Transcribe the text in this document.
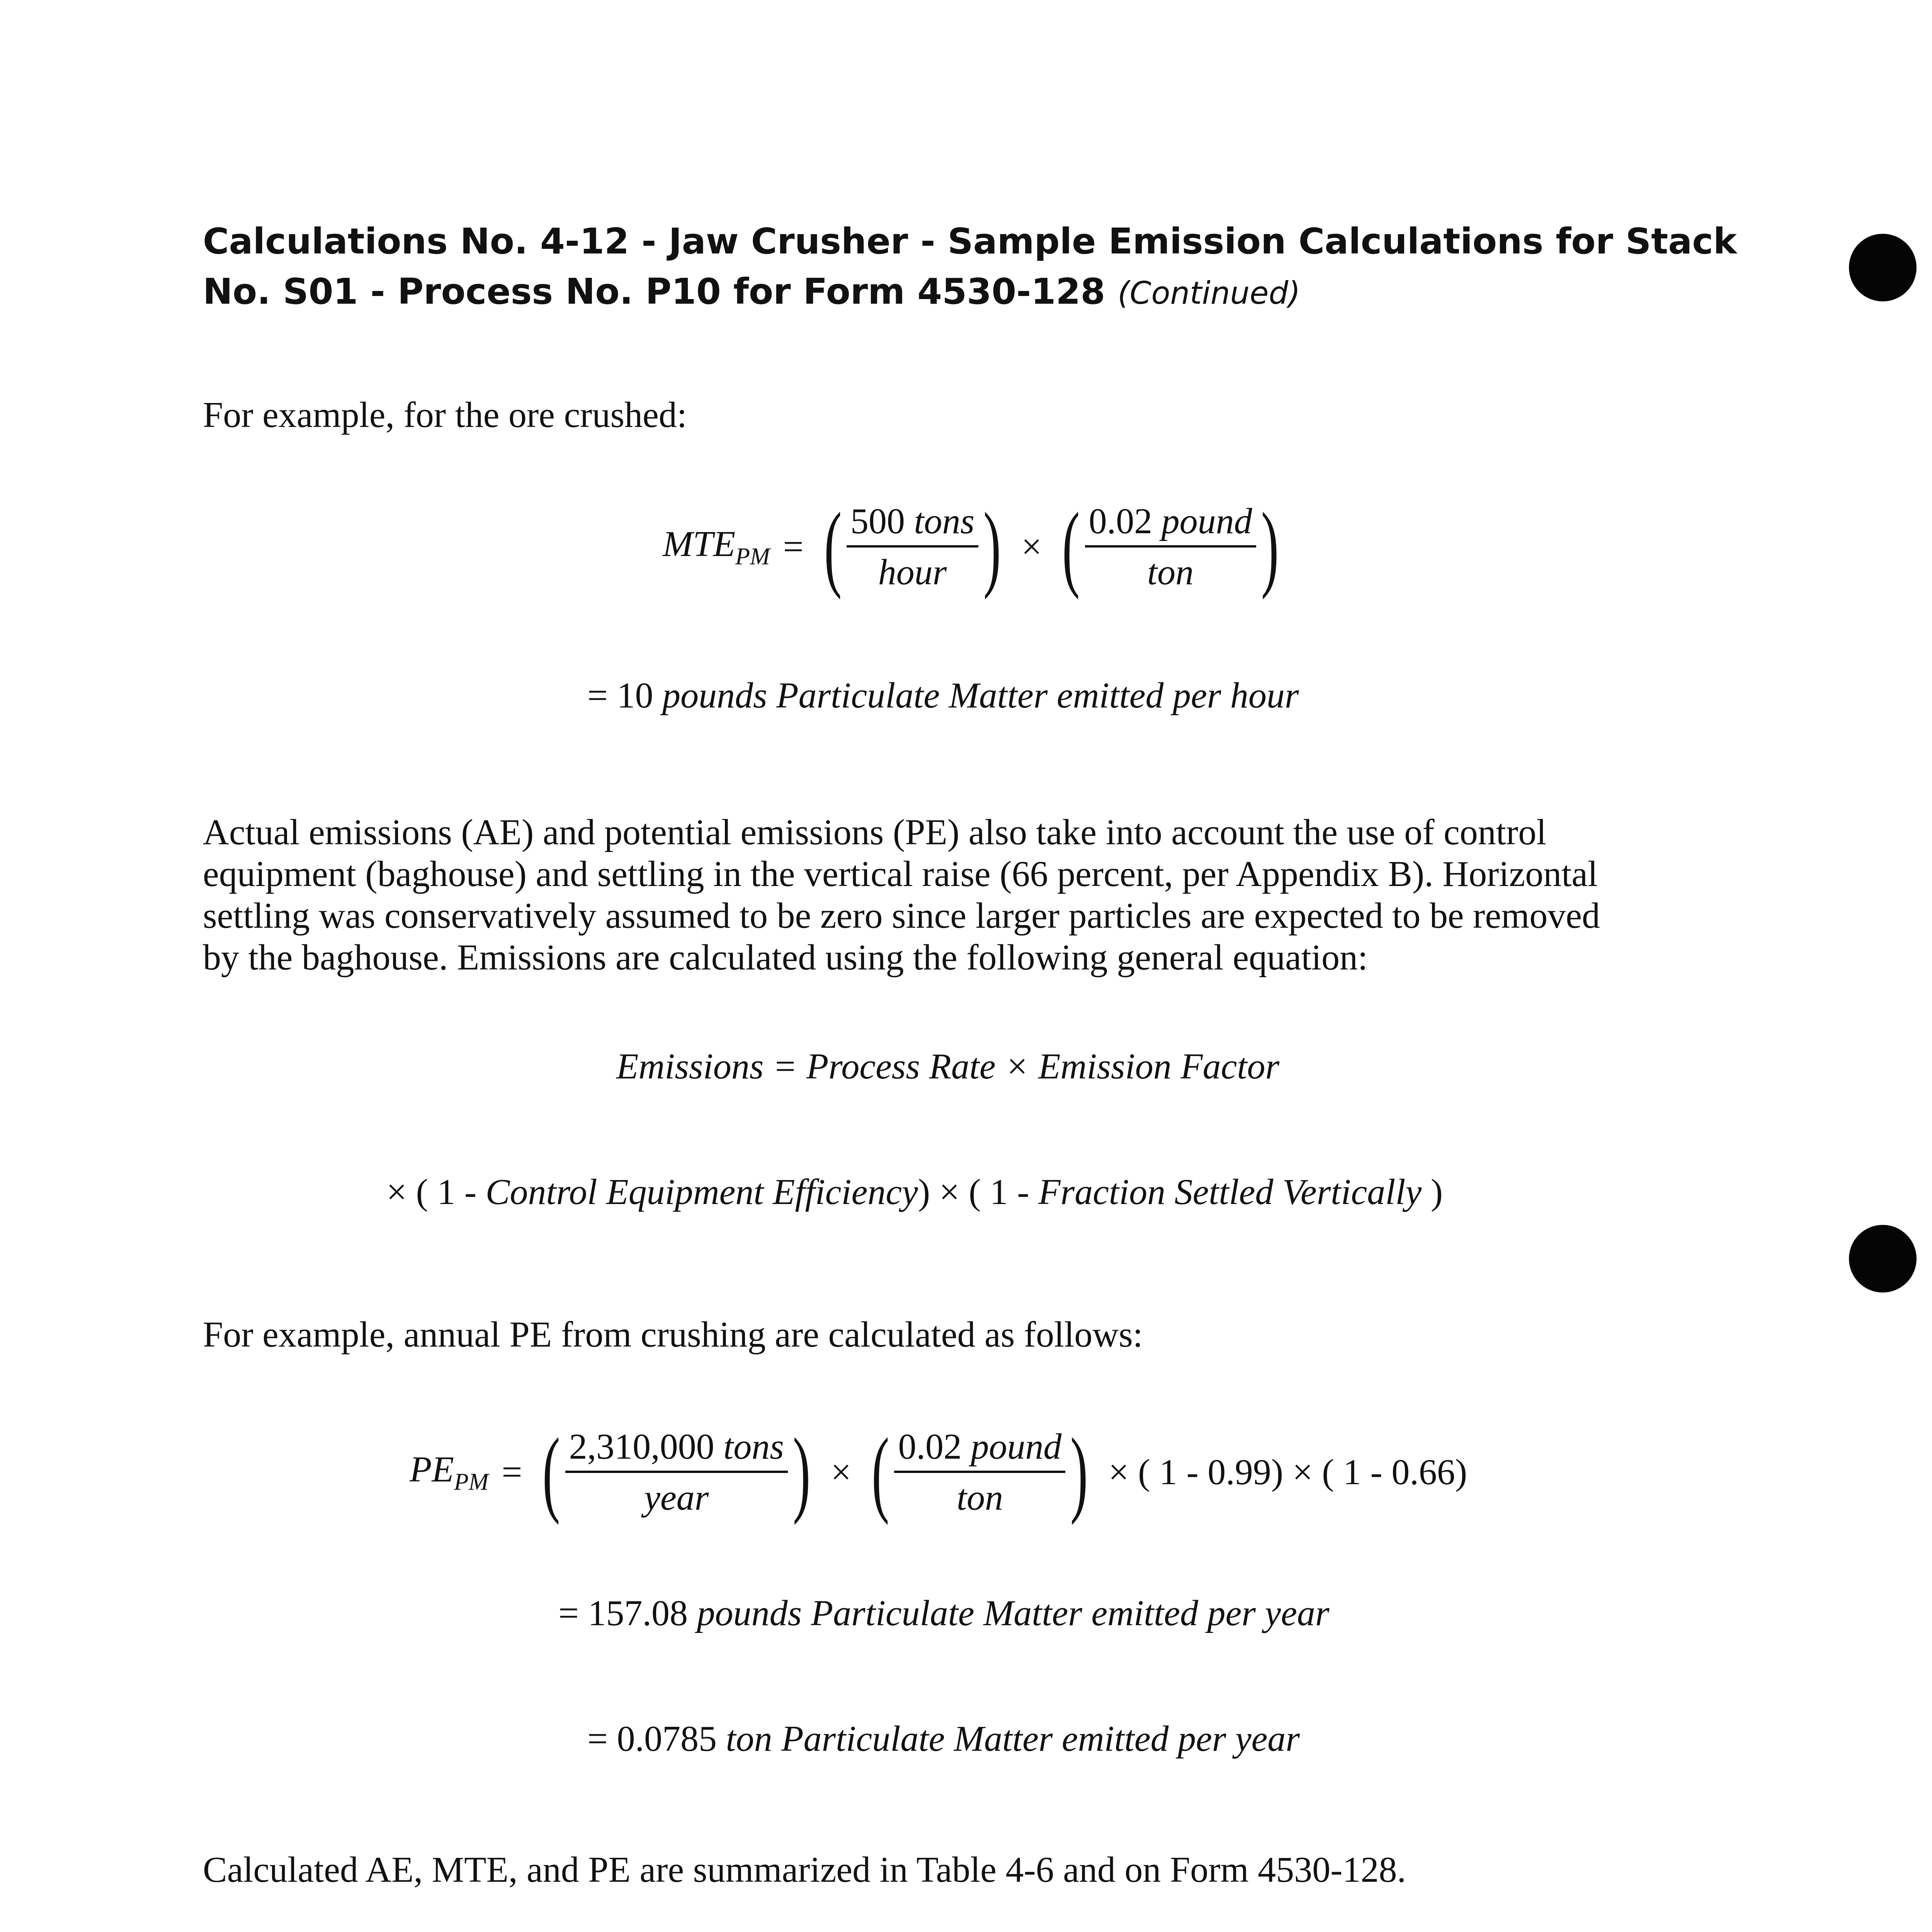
Calculations No. 4-12 - Jaw Crusher - Sample Emission Calculations for Stack
No. S01 - Process No. P10 for Form 4530-128 (Continued)
For example, for the ore crushed:
$MTE_{PM}$ = ( $\frac{\text{500 tons}}{\text{hour}}$ ) × ( $\frac{\text{0.02 pound}}{\text{ton}}$ )
= 10 pounds Particulate Matter emitted per hour
Actual emissions (AE) and potential emissions (PE) also take into account the use of control
equipment (baghouse) and settling in the vertical raise (66 percent, per Appendix B). Horizontal
settling was conservatively assumed to be zero since larger particles are expected to be removed
by the baghouse. Emissions are calculated using the following general equation:
Emissions = Process Rate × Emission Factor
× ( 1 - Control Equipment Efficiency) × ( 1 - Fraction Settled Vertically )
For example, annual PE from crushing are calculated as follows:
$PE_{PM}$ = ( $\frac{\text{2,310,000 tons}}{\text{year}}$ ) × ( $\frac{\text{0.02 pound}}{\text{ton}}$ ) × ( 1 - 0.99) × ( 1 - 0.66)
= 157.08 pounds Particulate Matter emitted per year
= 0.0785 ton Particulate Matter emitted per year
Calculated AE, MTE, and PE are summarized in Table 4-6 and on Form 4530-128.
